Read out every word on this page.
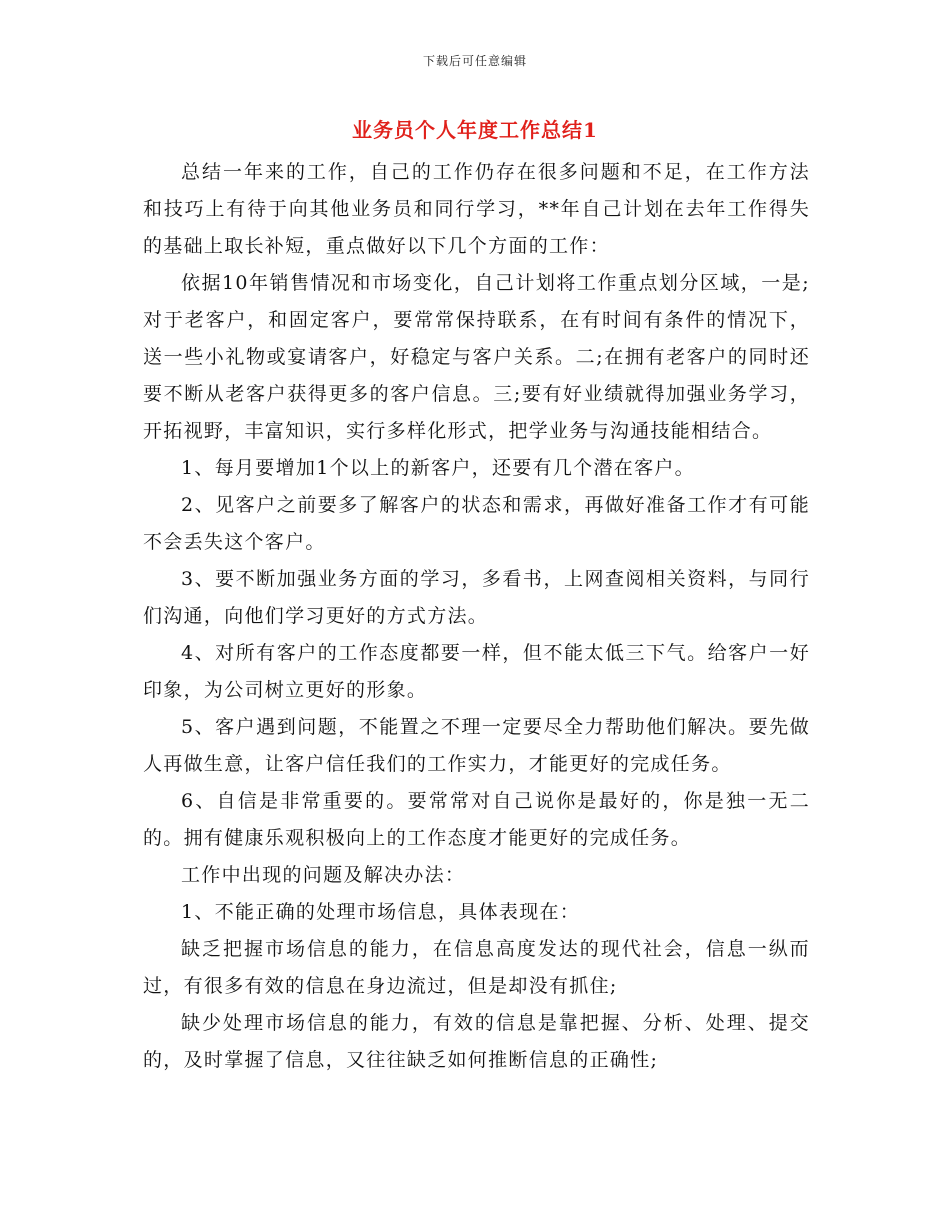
下载后可任意编辑
业务员个人年度工作总结1

总结一年来的工作，自己的工作仍存在很多问题和不足，在工作方法和技巧上有待于向其他业务员和同行学习，**年自己计划在去年工作得失的基础上取长补短，重点做好以下几个方面的工作：

依据10年销售情况和市场变化，自己计划将工作重点划分区域，一是;对于老客户，和固定客户，要常常保持联系，在有时间有条件的情况下，送一些小礼物或宴请客户，好稳定与客户关系。二;在拥有老客户的同时还要不断从老客户获得更多的客户信息。三;要有好业绩就得加强业务学习，开拓视野，丰富知识，实行多样化形式，把学业务与沟通技能相结合。

1、每月要增加1个以上的新客户，还要有几个潜在客户。

2、见客户之前要多了解客户的状态和需求，再做好准备工作才有可能不会丢失这个客户。

3、要不断加强业务方面的学习，多看书，上网查阅相关资料，与同行们沟通，向他们学习更好的方式方法。

4、对所有客户的工作态度都要一样，但不能太低三下气。给客户一好印象，为公司树立更好的形象。

5、客户遇到问题，不能置之不理一定要尽全力帮助他们解决。要先做人再做生意，让客户信任我们的工作实力，才能更好的完成任务。

6、自信是非常重要的。要常常对自己说你是最好的，你是独一无二的。拥有健康乐观积极向上的工作态度才能更好的完成任务。

工作中出现的问题及解决办法：

1、不能正确的处理市场信息，具体表现在：

缺乏把握市场信息的能力，在信息高度发达的现代社会，信息一纵而过，有很多有效的信息在身边流过，但是却没有抓住;

缺少处理市场信息的能力，有效的信息是靠把握、分析、处理、提交的，及时掌握了信息，又往往缺乏如何推断信息的正确性;
